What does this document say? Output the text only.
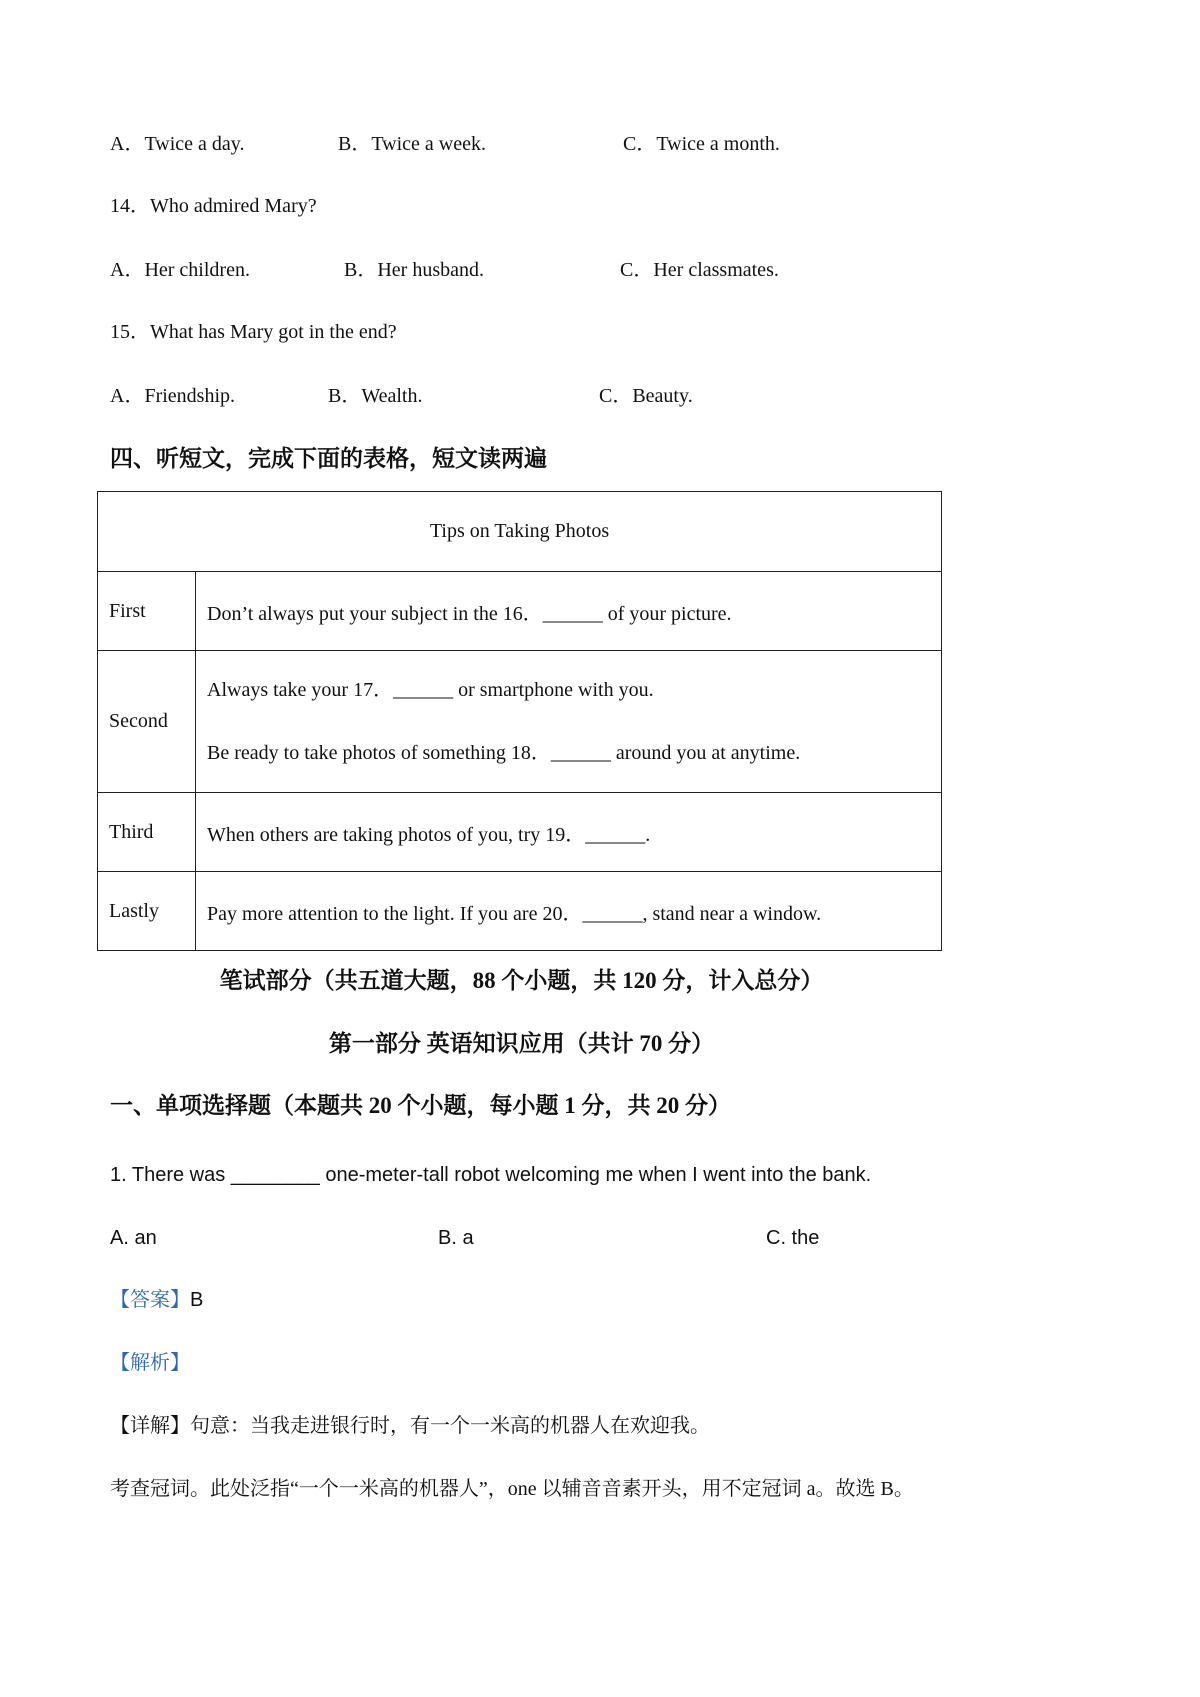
A．Twice a day.	B．Twice a week.	C．Twice a month.
14．Who admired Mary?
A．Her children.	B．Her husband.	C．Her classmates.
15．What has Mary got in the end?
A．Friendship.	B．Wealth.	C．Beauty.
四、听短文，完成下面的表格，短文读两遍
Tips on Taking Photos	
First	Don’t always put your subject in the 16．______ of your picture.
Second	Always take your 17．______ or smartphone with you.
Be ready to take photos of something 18．______ around you at anytime.

Third	When others are taking photos of you, try 19．______.
Lastly	Pay more attention to the light. If you are 20．______, stand near a window.
笔试部分（共五道大题，88 个小题，共 120 分，计入总分）
第一部分 英语知识应用（共计 70 分）
一、单项选择题（本题共 20 个小题，每小题 1 分，共 20 分）
1. There was ________ one-meter-tall robot welcoming me when I went into the bank.
A. an	B. a	C. the
【答案】B
【解析】
【详解】句意：当我走进银行时，有一个一米高的机器人在欢迎我。
考查冠词。此处泛指“一个一米高的机器人”，one 以辅音音素开头，用不定冠词 a。故选 B。
